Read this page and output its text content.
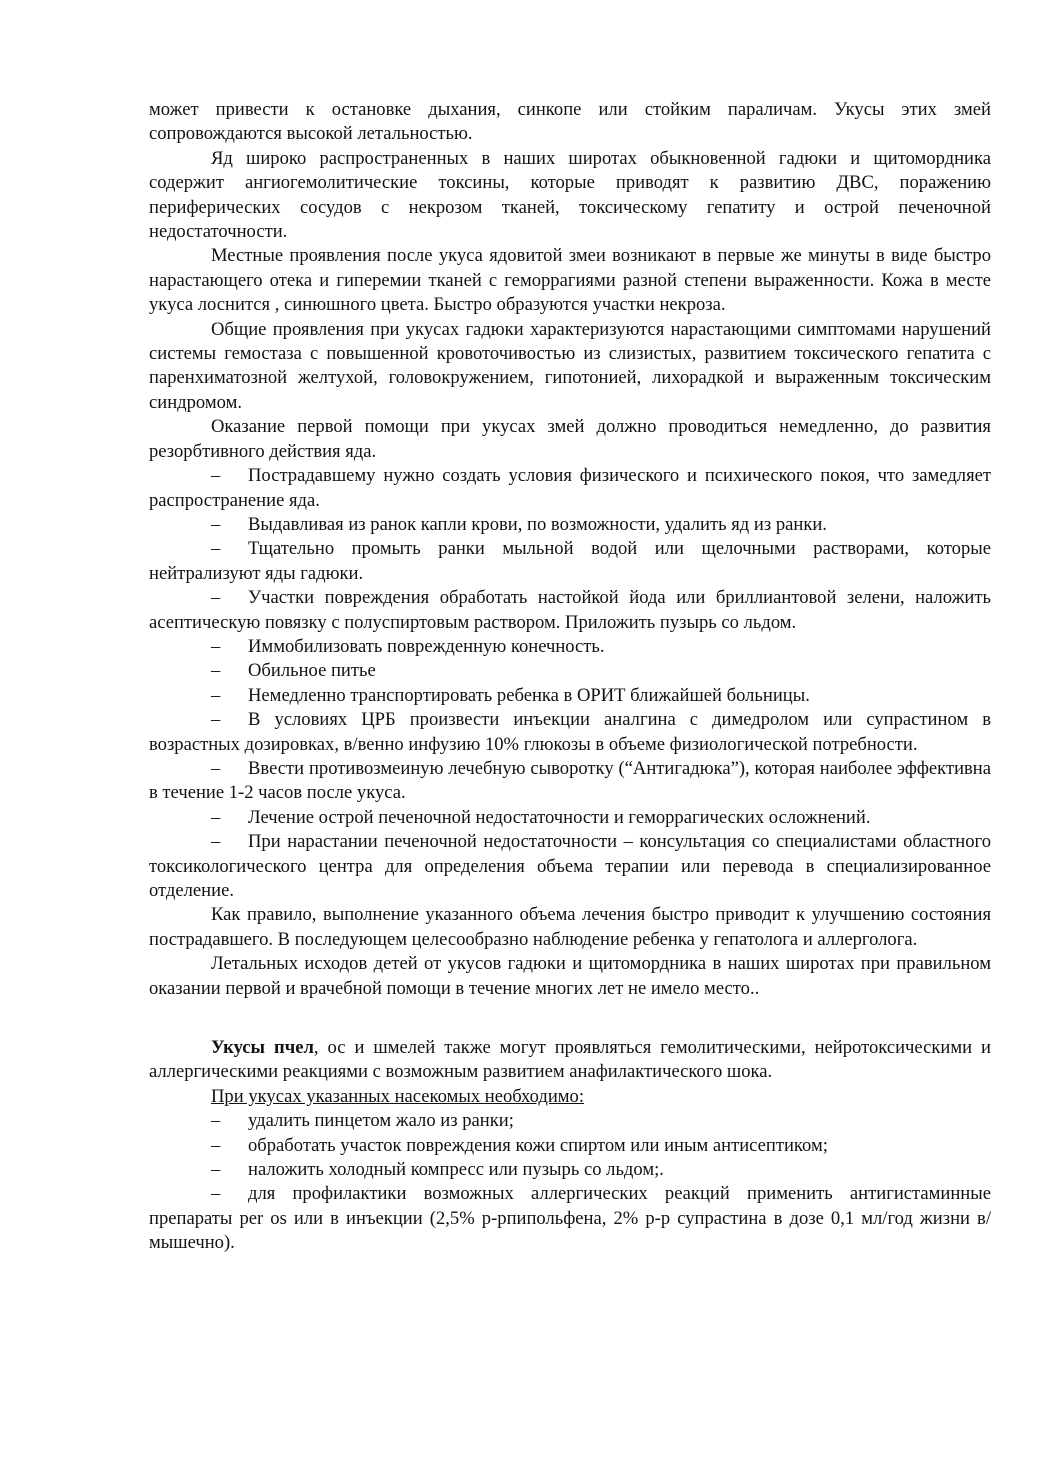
может привести к остановке дыхания, синкопе или стойким параличам. Укусы этих змей сопровождаются высокой летальностью.

Яд широко распространенных в наших широтах обыкновенной гадюки и щитомордника содержит ангиогемолитические токсины, которые приводят к развитию ДВС, поражению периферических сосудов с некрозом тканей, токсическому гепатиту и острой печеночной недостаточности.

Местные проявления после укуса ядовитой змеи возникают в первые же минуты в виде быстро нарастающего отека и гиперемии тканей с геморрагиями разной степени выраженности. Кожа в месте укуса лоснится , синюшного цвета. Быстро образуются участки некроза.

Общие проявления при укусах гадюки характеризуются нарастающими симптомами нарушений системы гемостаза с повышенной кровоточивостью из слизистых, развитием токсического гепатита с паренхиматозной желтухой, головокружением, гипотонией, лихорадкой и выраженным токсическим синдромом.

Оказание первой помощи при укусах змей должно проводиться немедленно, до развития резорбтивного действия яда.

– Пострадавшему нужно создать условия физического и психического покоя, что замедляет распространение яда.

– Выдавливая из ранок капли крови, по возможности, удалить яд из ранки.

– Тщательно промыть ранки мыльной водой или щелочными растворами, которые нейтрализуют яды гадюки.

– Участки повреждения обработать настойкой йода или бриллиантовой зелени, наложить асептическую повязку с полуспиртовым раствором. Приложить пузырь со льдом.

– Иммобилизовать поврежденную конечность.

– Обильное питье

– Немедленно транспортировать ребенка в ОРИТ ближайшей больницы.

– В условиях ЦРБ произвести инъекции аналгина с димедролом или супрастином в возрастных дозировках, в/венно инфузию 10% глюкозы в объеме физиологической потребности.

– Ввести противозмеиную лечебную сыворотку (“Антигадюка”), которая наиболее эффективна в течение 1-2 часов после укуса.

– Лечение острой печеночной недостаточности и геморрагических осложнений.

– При нарастании печеночной недостаточности – консультация со специалистами областного токсикологического центра для определения объема терапии или перевода в специализированное отделение.

Как правило, выполнение указанного объема лечения быстро приводит к улучшению состояния пострадавшего. В последующем целесообразно наблюдение ребенка у гепатолога и аллерголога.

Летальных исходов детей от укусов гадюки и щитомордника в наших широтах при правильном оказании первой и врачебной помощи в течение многих лет не имело место..

Укусы пчел, ос и шмелей также могут проявляться гемолитическими, нейротоксическими и аллергическими реакциями с возможным развитием анафилактического шока.

При укусах указанных насекомых необходимо:

– удалить пинцетом жало из ранки;

– обработать участок повреждения кожи спиртом или иным антисептиком;

– наложить холодный компресс или пузырь со льдом;.

– для профилактики возможных аллергических реакций применить антигистаминные препараты per os или в инъекции (2,5% р-рпипольфена, 2% р-р супрастина в дозе 0,1 мл/год жизни в/мышечно).
